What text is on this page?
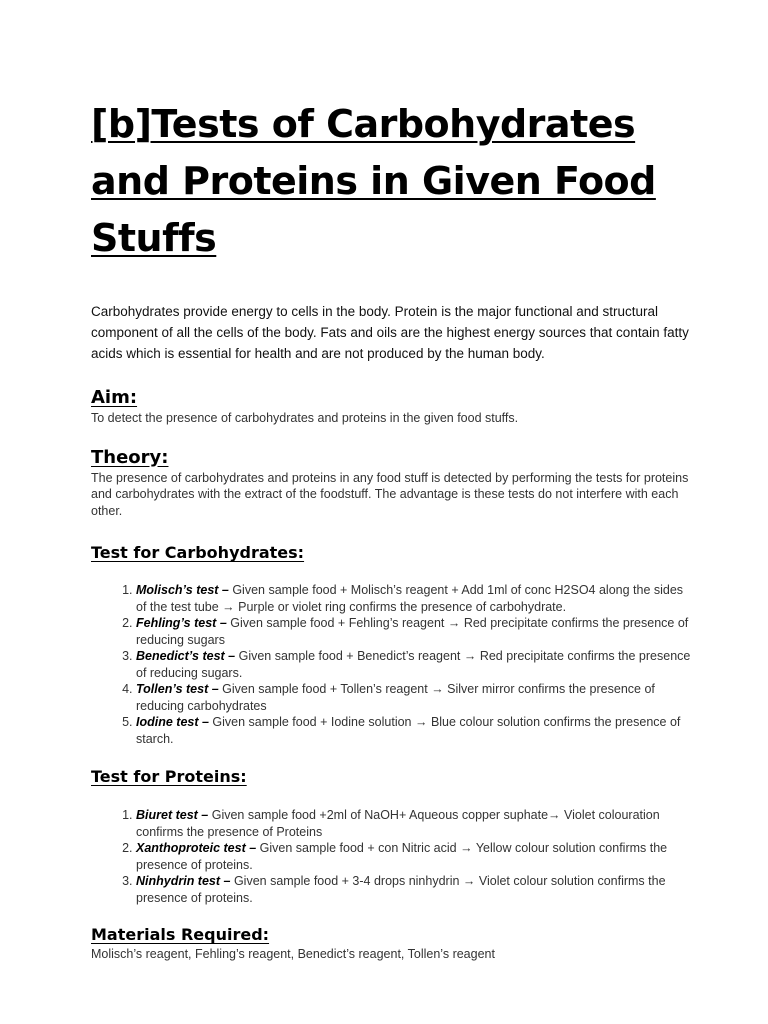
[b]Tests of Carbohydrates and Proteins in Given Food Stuffs

Carbohydrates provide energy to cells in the body. Protein is the major functional and structural component of all the cells of the body. Fats and oils are the highest energy sources that contain fatty acids which is essential for health and are not produced by the human body.

Aim:

To detect the presence of carbohydrates and proteins in the given food stuffs.

Theory:

The presence of carbohydrates and proteins in any food stuff is detected by performing the tests for proteins and carbohydrates with the extract of the foodstuff. The advantage is these tests do not interfere with each other.

Test for Carbohydrates:
1. Molisch’s test – Given sample food + Molisch’s reagent + Add 1ml of conc H2SO4 along the sides of the test tube → Purple or violet ring confirms the presence of carbohydrate.
2. Fehling’s test – Given sample food + Fehling’s reagent → Red precipitate confirms the presence of reducing sugars
3. Benedict’s test – Given sample food + Benedict’s reagent → Red precipitate confirms the presence of reducing sugars.
4. Tollen’s test – Given sample food + Tollen’s reagent → Silver mirror confirms the presence of reducing carbohydrates
5. Iodine test – Given sample food + Iodine solution → Blue colour solution confirms the presence of starch.
Test for Proteins:
1. Biuret test – Given sample food +2ml of NaOH+ Aqueous copper suphate→ Violet colouration confirms the presence of Proteins
2. Xanthoproteic test – Given sample food + con Nitric acid → Yellow colour solution confirms the presence of proteins.
3. Ninhydrin test – Given sample food + 3-4 drops ninhydrin → Violet colour solution confirms the presence of proteins.
Materials Required:

Molisch’s reagent, Fehling’s reagent, Benedict’s reagent, Tollen’s reagent
